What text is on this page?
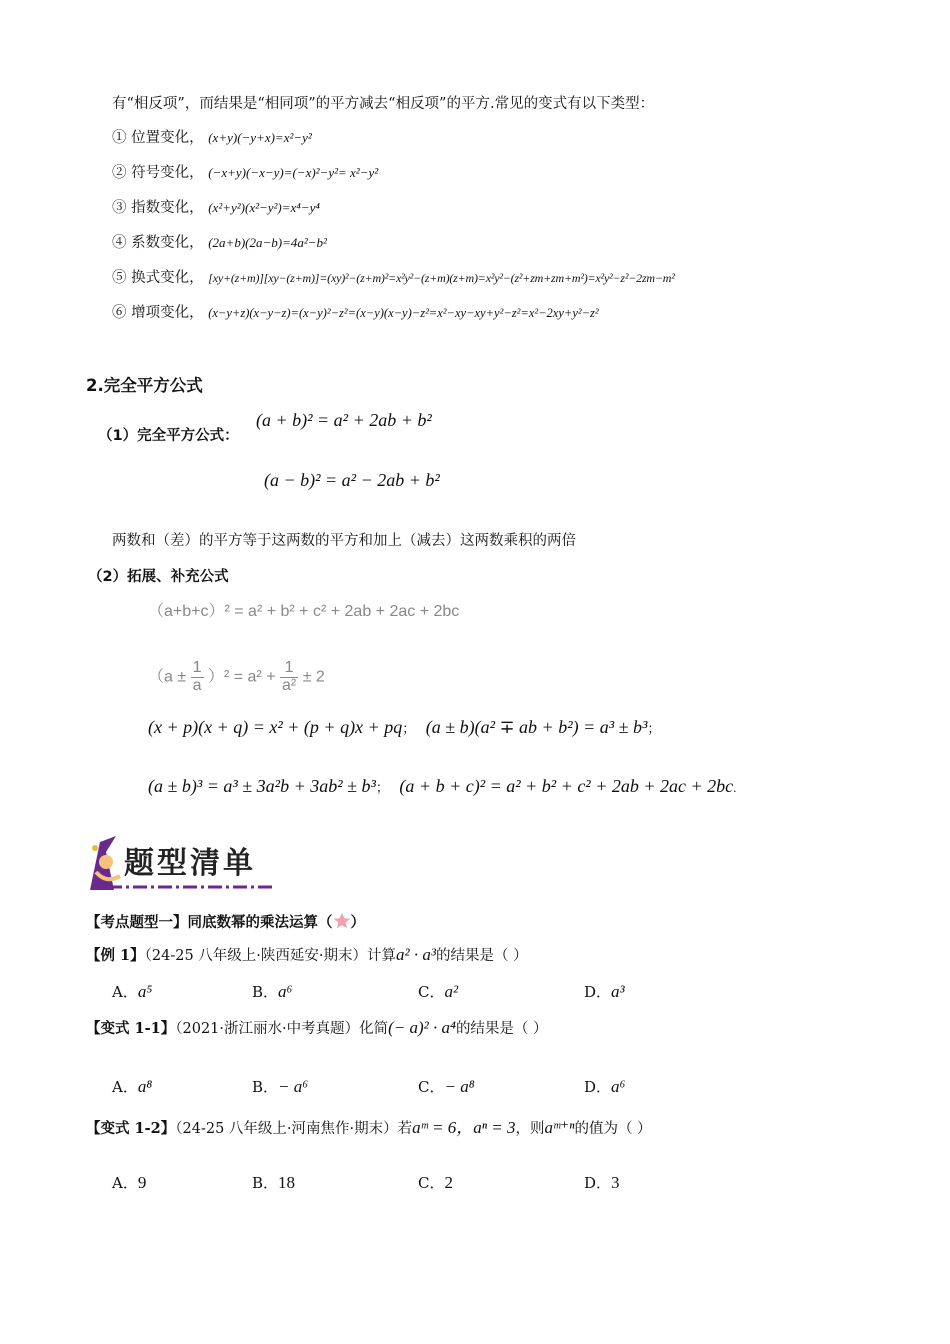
有“相反项”，而结果是“相同项”的平方减去“相反项”的平方.常见的变式有以下类型：
① 位置变化， (x+y)(−y+x)=x²−y²
② 符号变化， (−x+y)(−x−y)=(−x)²−y²= x²−y²
③ 指数变化， (x²+y²)(x²−y²)=x⁴−y⁴
④ 系数变化， (2a+b)(2a−b)=4a²−b²
⑤ 换式变化， [xy+(z+m)][xy−(z+m)]=(xy)²−(z+m)²=x²y²−(z+m)(z+m)=x²y²−(z²+zm+zm+m²)=x²y²−z²−2zm−m²
⑥ 增项变化， (x−y+z)(x−y−z)=(x−y)²−z²=(x−y)(x−y)−z²=x²−xy−xy+y²−z²=x²−2xy+y²−z²
2.完全平方公式
（1）完全平方公式：
(a + b)² = a² + 2ab + b²
(a − b)² = a² − 2ab + b²
两数和（差）的平方等于这两数的平方和加上（减去）这两数乘积的两倍
（2）拓展、补充公式
（a+b+c）² = a² + b² + c² + 2ab + 2ac + 2bc
$(a \pm \frac{1}{a} )^2 = a^2 + \frac{1}{\text{a²}} \pm 2$
(x + p)(x + q) = x² + (p + q)x + pq； (a ± b)(a² ∓ ab + b²) = a³ ± b³；
(a ± b)³ = a³ ± 3a²b + 3ab² ± b³； (a + b + c)² = a² + b² + c² + 2ab + 2ac + 2bc.
题型清单
【考点题型一】同底数幂的乘法运算（ ）
【例 1】（24-25 八年级上·陕西延安·期末）计算a² · a³的结果是（ ）
A．a⁵	B．a⁶	C．a²	D．a³
【变式 1-1】（2021·浙江丽水·中考真题）化简(− a)² · a⁴的结果是（ ）
A．a⁸	B．− a⁶	C．− a⁸	D．a⁶
【变式 1-2】（24-25 八年级上·河南焦作·期末）若aᵐ = 6，aⁿ = 3，则aᵐ⁺ⁿ的值为（ ）
A．9	B．18	C．2	D．3
